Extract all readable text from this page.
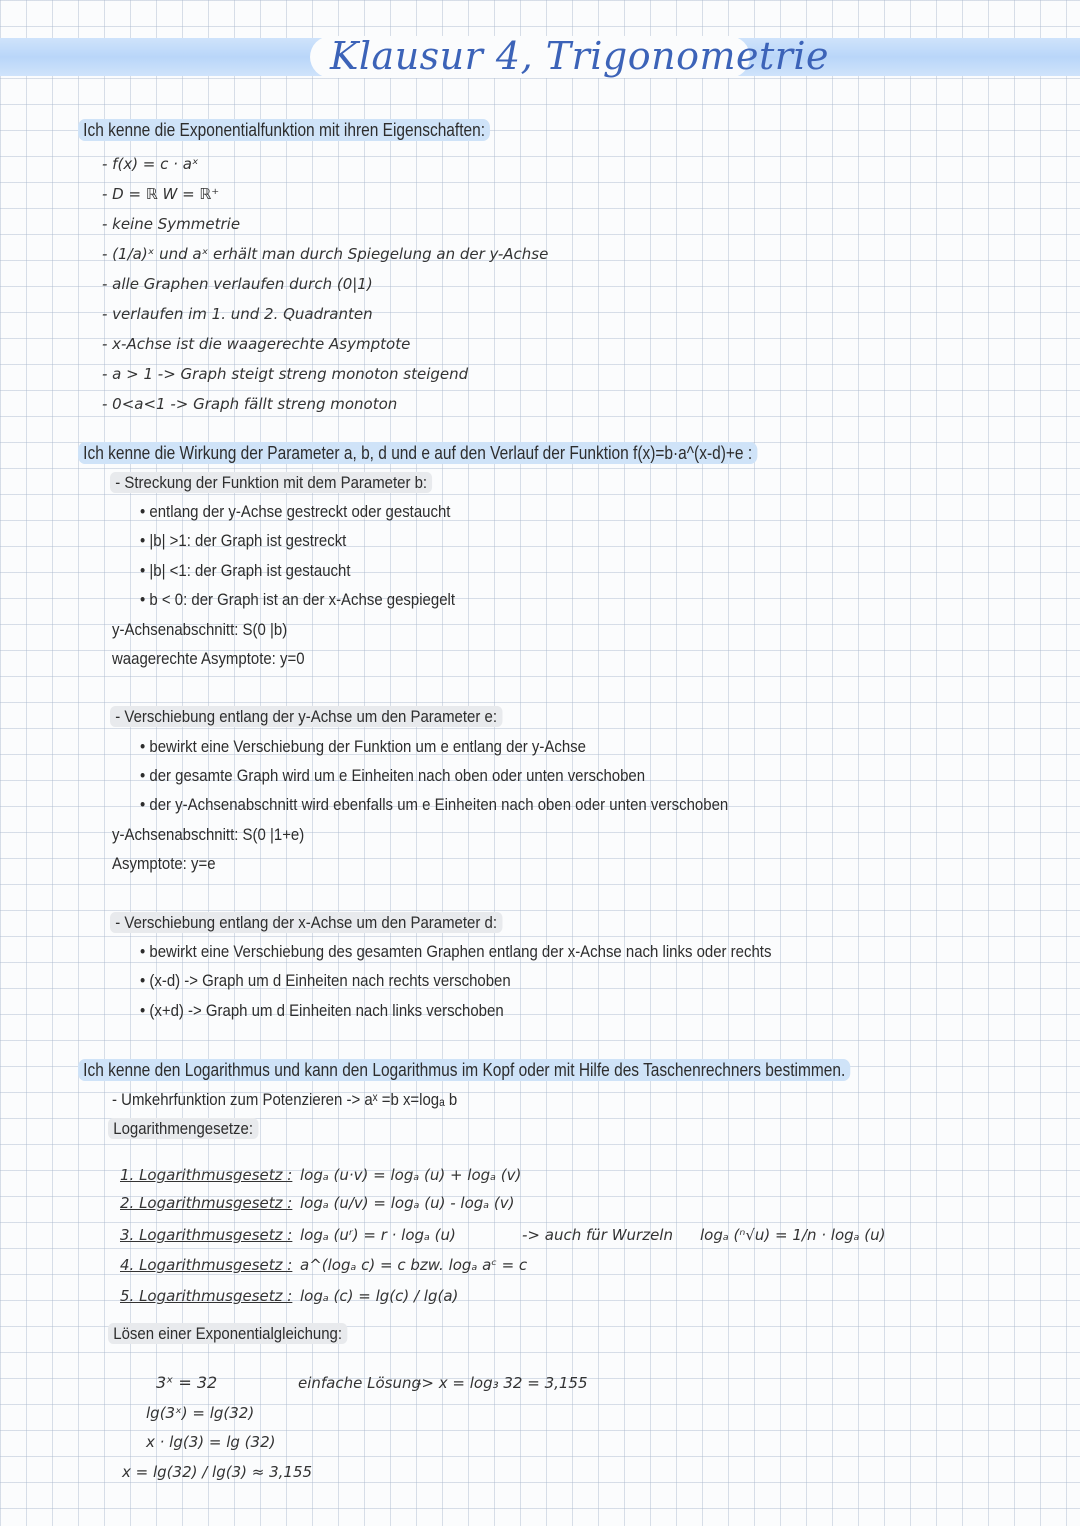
Klausur 4, Trigonometrie
Ich kenne die Exponentialfunktion mit ihren Eigenschaften:
- f(x) = c · aˣ
- D = ℝ W = ℝ⁺
- keine Symmetrie
- (1/a)ˣ und aˣ erhält man durch Spiegelung an der y-Achse
- alle Graphen verlaufen durch (0|1)
- verlaufen im 1. und 2. Quadranten
- x-Achse ist die waagerechte Asymptote
- a > 1 -> Graph steigt streng monoton steigend
- 0<a<1 -> Graph fällt streng monoton
Ich kenne die Wirkung der Parameter a, b, d und e auf den Verlauf der Funktion f(x)=b·a^(x-d)+e :
- Streckung der Funktion mit dem Parameter b:
• entlang der y-Achse gestreckt oder gestaucht
• |b| >1: der Graph ist gestreckt
• |b| <1: der Graph ist gestaucht
• b < 0: der Graph ist an der x-Achse gespiegelt
y-Achsenabschnitt: S(0 |b)
waagerechte Asymptote: y=0
- Verschiebung entlang der y-Achse um den Parameter e:
• bewirkt eine Verschiebung der Funktion um e entlang der y-Achse
• der gesamte Graph wird um e Einheiten nach oben oder unten verschoben
• der y-Achsenabschnitt wird ebenfalls um e Einheiten nach oben oder unten verschoben
y-Achsenabschnitt: S(0 |1+e)
Asymptote: y=e
- Verschiebung entlang der x-Achse um den Parameter d:
• bewirkt eine Verschiebung des gesamten Graphen entlang der x-Achse nach links oder rechts
• (x-d) -> Graph um d Einheiten nach rechts verschoben
• (x+d) -> Graph um d Einheiten nach links verschoben
Ich kenne den Logarithmus und kann den Logarithmus im Kopf oder mit Hilfe des Taschenrechners bestimmen.
- Umkehrfunktion zum Potenzieren -> aˣ =b x=logₐ b
Logarithmengesetze:
1. Logarithmusgesetz : logₐ (u·v) = logₐ (u) + logₐ (v)
2. Logarithmusgesetz : logₐ (u/v) = logₐ (u) - logₐ (v)
3. Logarithmusgesetz : logₐ (uʳ) = r · logₐ (u)	-> auch für Wurzeln logₐ (ⁿ√u) = 1/n · logₐ (u)
4. Logarithmusgesetz : a^(logₐ c) = c bzw. logₐ aᶜ = c
5. Logarithmusgesetz : logₐ (c) = lg(c) / lg(a)
Lösen einer Exponentialgleichung:
3ˣ = 32
lg(3ˣ) = lg(32)
x · lg(3) = lg (32)
x = lg(32) / lg(3) ≈ 3,155
einfache Lösung
-> x = log₃ 32 = 3,155
